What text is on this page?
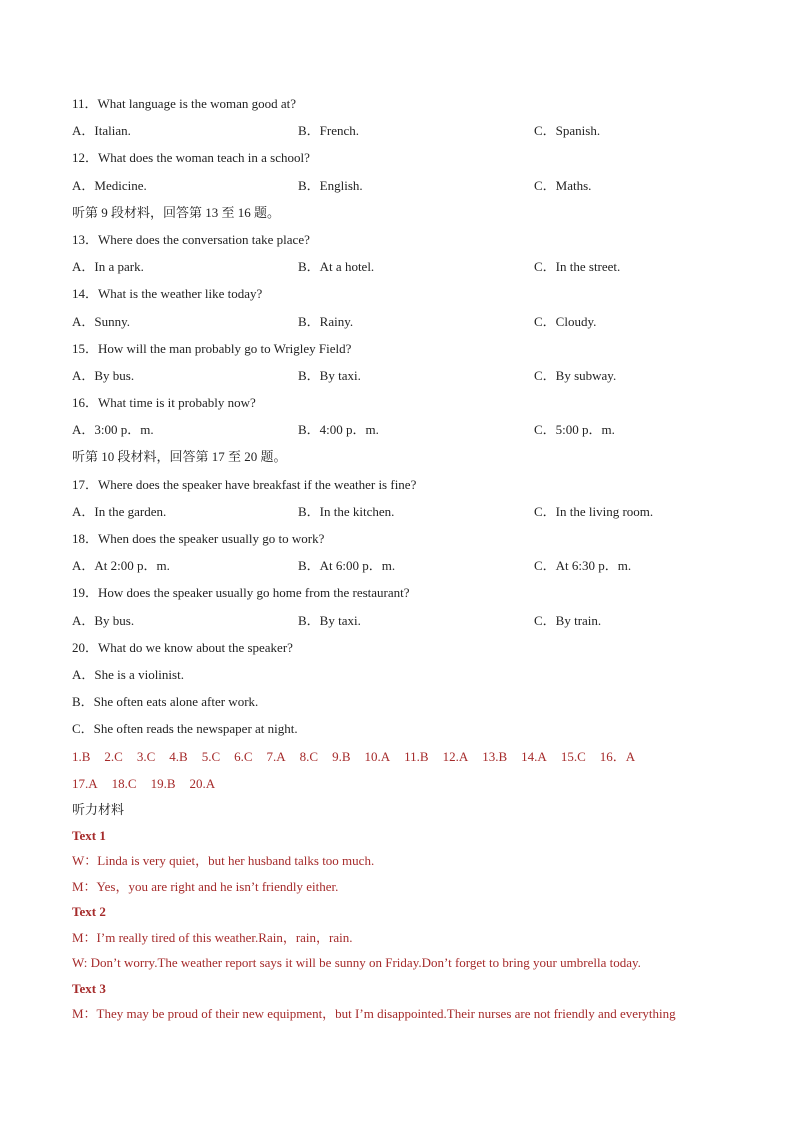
11．What language is the woman good at?
A．Italian.	B．French.	C．Spanish.
12．What does the woman teach in a school?
A．Medicine.	B．English.	C．Maths.
听第 9 段材料，回答第 13 至 16 题。
13．Where does the conversation take place?
A．In a park.	B．At a hotel.	C．In the street.
14．What is the weather like today?
A．Sunny.	B．Rainy.	C．Cloudy.
15．How will the man probably go to Wrigley Field?
A．By bus.	B．By taxi.	C．By subway.
16．What time is it probably now?
A．3:00 p．m.	B．4:00 p．m.	C．5:00 p．m.
听第 10 段材料，回答第 17 至 20 题。
17．Where does the speaker have breakfast if the weather is fine?
A．In the garden.	B．In the kitchen.	C．In the living room.
18．When does the speaker usually go to work?
A．At 2:00 p．m.	B．At 6:00 p．m.	C．At 6:30 p．m.
19．How does the speaker usually go home from the restaurant?
A．By bus.	B．By taxi.	C．By train.
20．What do we know about the speaker?
A．She is a violinist.
B．She often eats alone after work.
C．She often reads the newspaper at night.
1.B 2.C 3.C 4.B 5.C 6.C 7.A 8.C 9.B 10.A 11.B 12.A 13.B 14.A 15.C 16．A
17.A 18.C 19.B 20.A
听力材料
Text 1
W：Linda is very quiet，but her husband talks too much.
M：Yes，you are right and he isn’t friendly either.
Text 2
M：I’m really tired of this weather.Rain，rain，rain.
W: Don’t worry.The weather report says it will be sunny on Friday.Don’t forget to bring your umbrella today.
Text 3
M：They may be proud of their new equipment，but I’m disappointed.Their nurses are not friendly and everything
